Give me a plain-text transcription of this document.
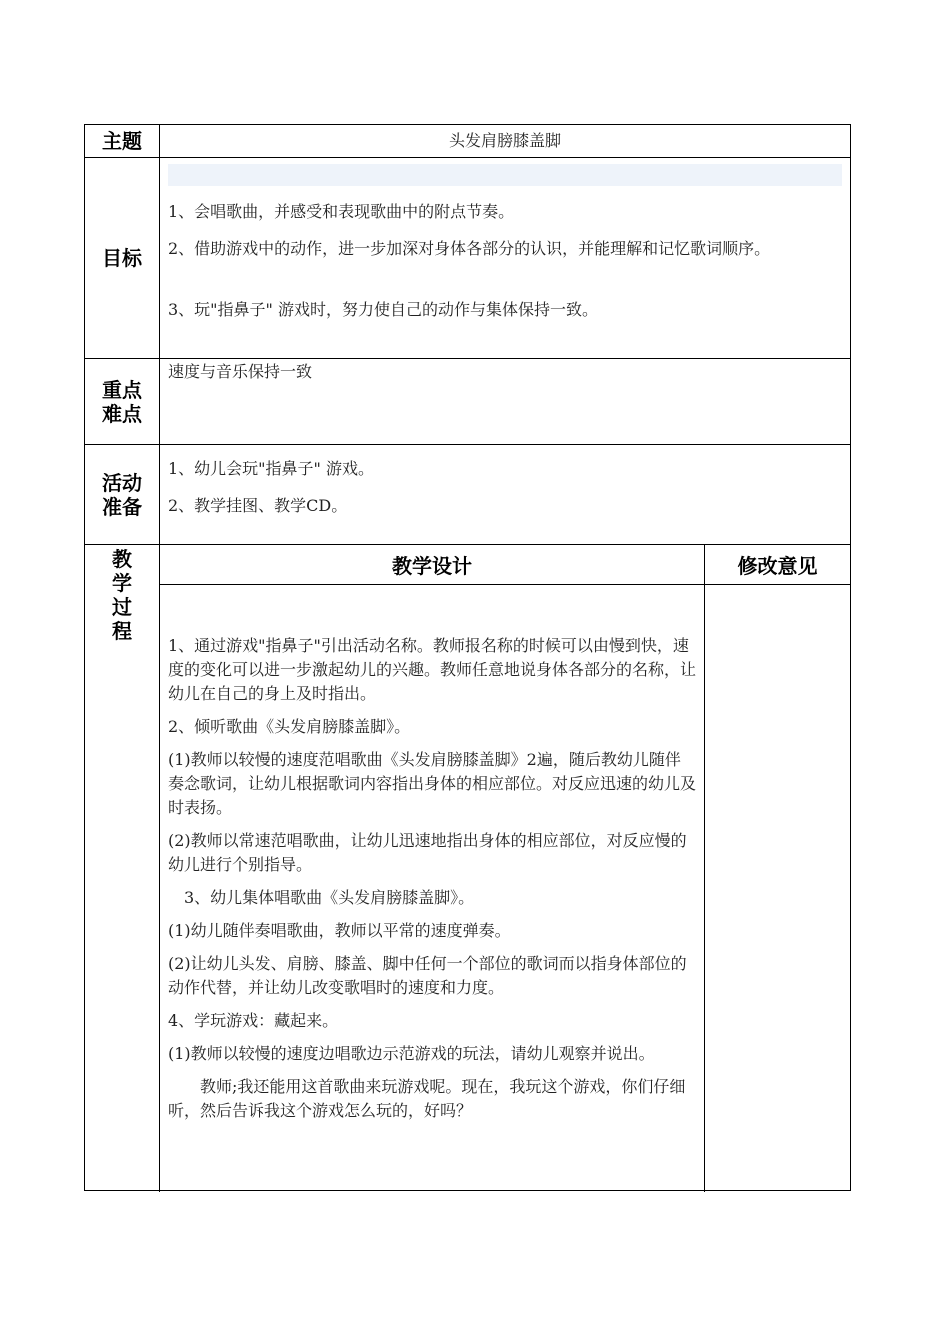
主题	头发肩膀膝盖脚
目标

1、会唱歌曲，并感受和表现歌曲中的附点节奏。

2、借助游戏中的动作，进一步加深对身体各部分的认识，并能理解和记忆歌词顺序。

3、玩"指鼻子" 游戏时，努力使自己的动作与集体保持一致。

重点难点

速度与音乐保持一致

活动准备

1、幼儿会玩"指鼻子" 游戏。

2、教学挂图、教学CD。

教学过程
教学设计	修改意见

1、通过游戏"指鼻子"引出活动名称。教师报名称的时候可以由慢到快，速度的变化可以进一步激起幼儿的兴趣。教师任意地说身体各部分的名称，让幼儿在自己的身上及时指出。

2、倾听歌曲《头发肩膀膝盖脚》。

(1)教师以较慢的速度范唱歌曲《头发肩膀膝盖脚》2遍，随后教幼儿随伴奏念歌词，让幼儿根据歌词内容指出身体的相应部位。对反应迅速的幼儿及时表扬。

(2)教师以常速范唱歌曲，让幼儿迅速地指出身体的相应部位，对反应慢的幼儿进行个别指导。

　3、幼儿集体唱歌曲《头发肩膀膝盖脚》。

(1)幼儿随伴奏唱歌曲，教师以平常的速度弹奏。

(2)让幼儿头发、肩膀、膝盖、脚中任何一个部位的歌词而以指身体部位的动作代替，并让幼儿改变歌唱时的速度和力度。

4、学玩游戏：藏起来。

(1)教师以较慢的速度边唱歌边示范游戏的玩法，请幼儿观察并说出。

　　教师;我还能用这首歌曲来玩游戏呢。现在，我玩这个游戏，你们仔细听，然后告诉我这个游戏怎么玩的，好吗？
